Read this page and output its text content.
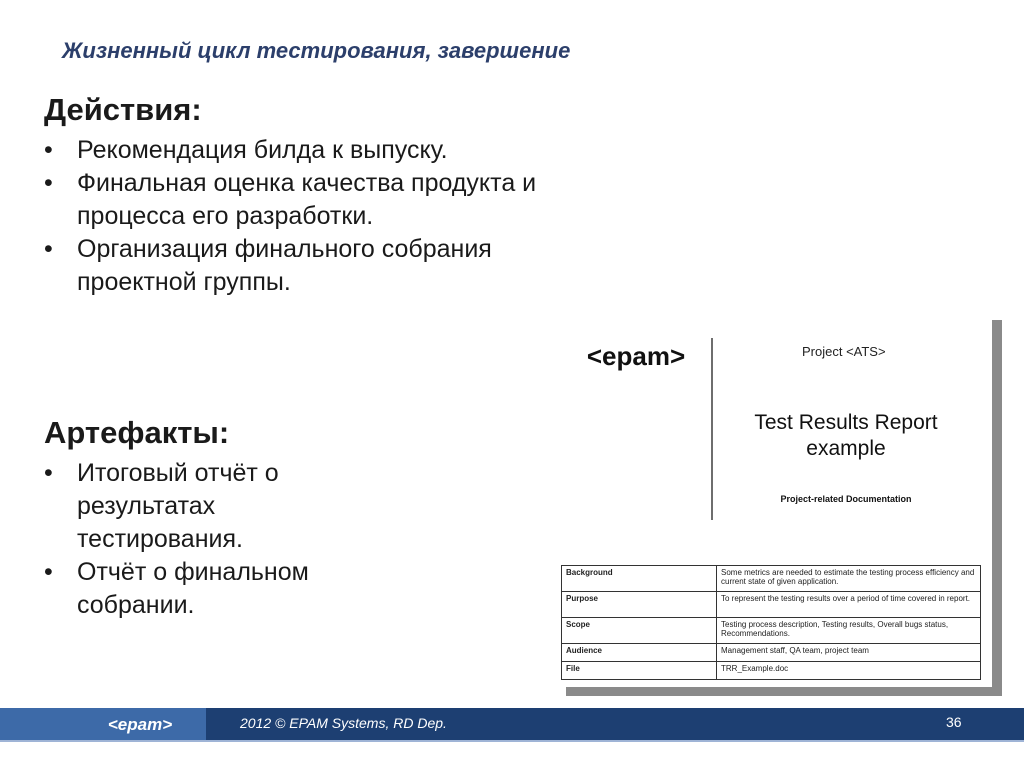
Жизненный цикл тестирования, завершение
Действия:
• Рекомендация билда к выпуску.
• Финальная оценка качества продукта и процесса его разработки.
• Организация финального собрания проектной группы.
Артефакты:
• Итоговый отчёт о результатах тестирования.
• Отчёт о финальном собрании.
<epam>	Project <ATS>
Test Results Report
example
Project-related Documentation
Background	Some metrics are needed to estimate the testing process efficiency and current state of given application.
Purpose	To represent the testing results over a period of time covered in report.
Scope	Testing process description, Testing results, Overall bugs status, Recommendations.
Audience	Management staff, QA team, project team
File	TRR_Example.doc
<epam>	2012 © EPAM Systems, RD Dep.	36
